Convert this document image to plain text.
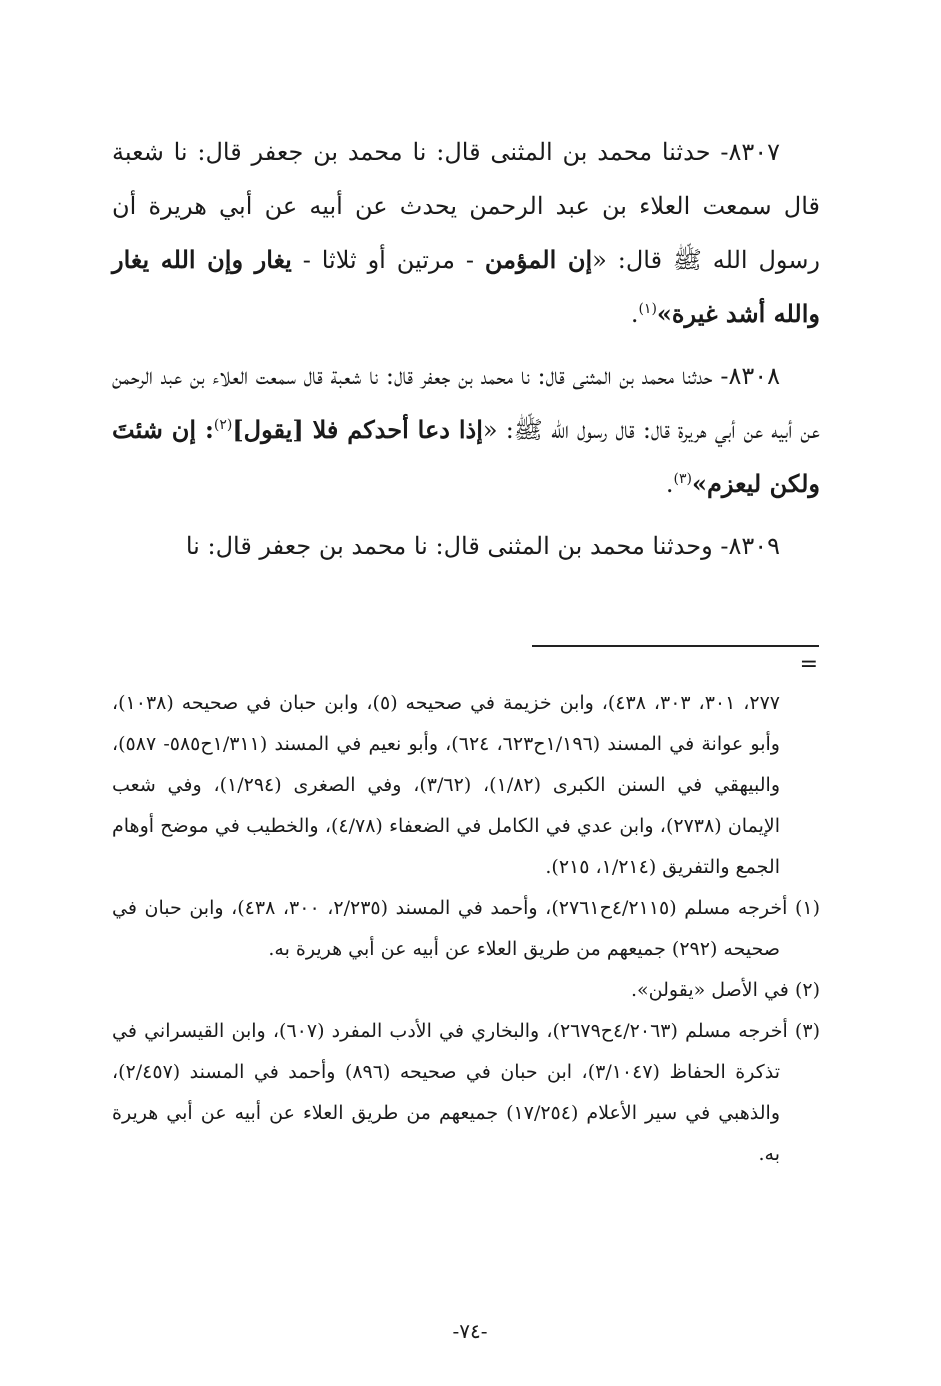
٨٣٠٧- حدثنا محمد بن المثنى قال: نا محمد بن جعفر قال: نا شعبة قال سمعت العلاء بن عبد الرحمن يحدث عن أبيه عن أبي هريرة أن رسول الله ﷺ قال: «إن المؤمن - مرتين أو ثلاثا - يغار وإن الله يغار والله أشد غيرة»$^{(١)}$.

٨٣٠٨- حدثنا محمد بن المثنى قال: نا محمد بن جعفر قال: نا شعبة قال سمعت العلاء بن عبد الرحمن عن أبيه عن أبي هريرة قال: قال رسول الله ﷺ: «إذا دعا أحدكم فلا [يقول]$^{(٢)}$: إن شئتَ ولكن ليعزم»$^{(٣)}$.

٨٣٠٩- وحدثنا محمد بن المثنى قال: نا محمد بن جعفر قال: نا

=

٢٧٧، ٣٠١، ٣٠٣، ٤٣٨)، وابن خزيمة في صحيحه (٥)، وابن حبان في صحيحه (١٠٣٨)، وأبو عوانة في المسند (١/١٩٦ح٦٢٣، ٦٢٤)، وأبو نعيم في المسند (١/٣١١ح٥٨٥- ٥٨٧)، والبيهقي في السنن الكبرى (١/٨٢)، (٣/٦٢)، وفي الصغرى (١/٢٩٤)، وفي شعب الإيمان (٢٧٣٨)، وابن عدي في الكامل في الضعفاء (٤/٧٨)، والخطيب في موضح أوهام الجمع والتفريق (١/٢١٤، ٢١٥).

(١) أخرجه مسلم (٤/٢١١٥ح٢٧٦١)، وأحمد في المسند (٢/٢٣٥، ٣٠٠، ٤٣٨)، وابن حبان في صحيحه (٢٩٢) جميعهم من طريق العلاء عن أبيه عن أبي هريرة به.

(٢) في الأصل «يقولن».

(٣) أخرجه مسلم (٤/٢٠٦٣ح٢٦٧٩)، والبخاري في الأدب المفرد (٦٠٧)، وابن القيسراني في تذكرة الحفاظ (٣/١٠٤٧)، ابن حبان في صحيحه (٨٩٦) وأحمد في المسند (٢/٤٥٧)، والذهبي في سير الأعلام (١٧/٢٥٤) جميعهم من طريق العلاء عن أبيه عن أبي هريرة به.

-٧٤-
